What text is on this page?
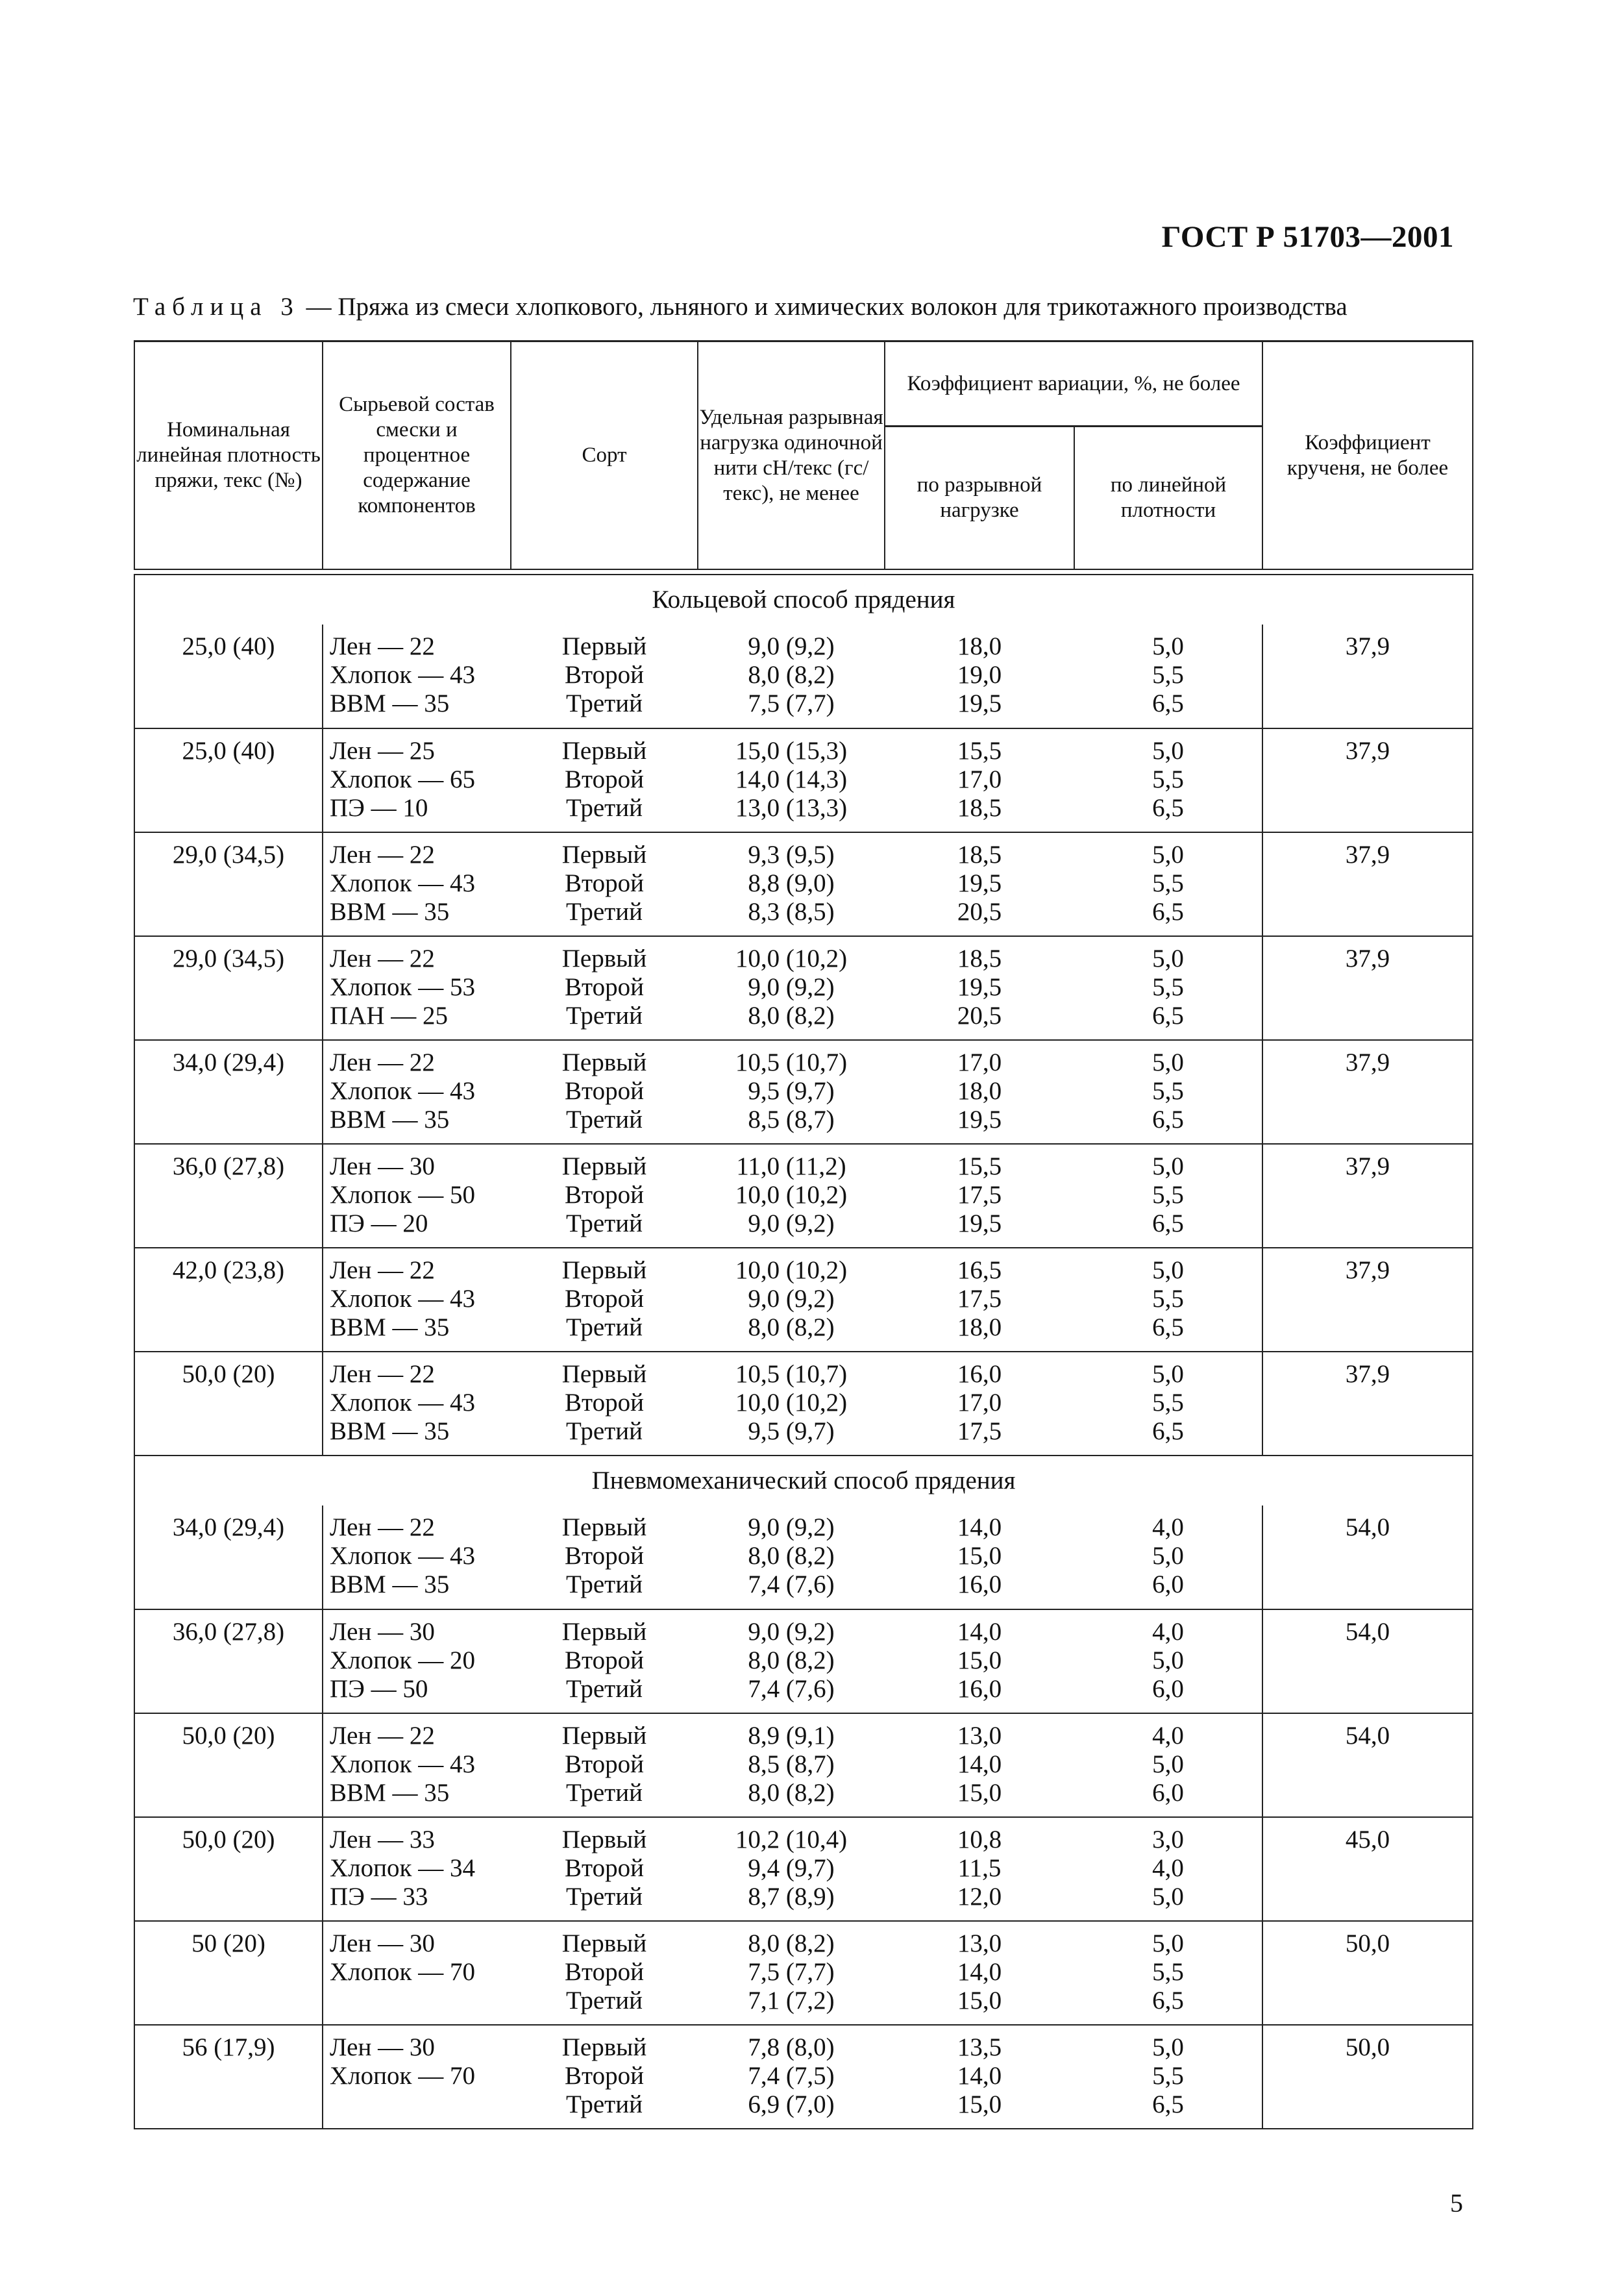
ГОСТ Р 51703—2001
Таблица 3 — Пряжа из смеси хлопкового, льняного и химических волокон для трикотажного производства
Номинальная линейная плотность пряжи, текс (№)	Сырьевой состав смески и процентное содержание компонентов	Сорт	Удельная разрывная нагрузка одиночной нити сН/текс (гс/текс), не менее	Коэффициент вариации, %, не более		Коэффициент крученя, не более
				по разрывной нагрузке	по линейной плотности	

Кольцевой способ прядения						
25,0 (40)	Лен — 22
Хлопок — 43
ВВМ — 35	Первый
Второй
Третий	9,0 (9,2)
8,0 (8,2)
7,5 (7,7)	18,0
19,0
19,5	5,0
5,5
6,5	37,9
25,0 (40)	Лен — 25
Хлопок — 65
ПЭ — 10	Первый
Второй
Третий	15,0 (15,3)
14,0 (14,3)
13,0 (13,3)	15,5
17,0
18,5	5,0
5,5
6,5	37,9
29,0 (34,5)	Лен — 22
Хлопок — 43
ВВМ — 35	Первый
Второй
Третий	9,3 (9,5)
8,8 (9,0)
8,3 (8,5)	18,5
19,5
20,5	5,0
5,5
6,5	37,9
29,0 (34,5)	Лен — 22
Хлопок — 53
ПАН — 25	Первый
Второй
Третий	10,0 (10,2)
9,0 (9,2)
8,0 (8,2)	18,5
19,5
20,5	5,0
5,5
6,5	37,9
34,0 (29,4)	Лен — 22
Хлопок — 43
ВВМ — 35	Первый
Второй
Третий	10,5 (10,7)
9,5 (9,7)
8,5 (8,7)	17,0
18,0
19,5	5,0
5,5
6,5	37,9
36,0 (27,8)	Лен — 30
Хлопок — 50
ПЭ — 20	Первый
Второй
Третий	11,0 (11,2)
10,0 (10,2)
9,0 (9,2)	15,5
17,5
19,5	5,0
5,5
6,5	37,9
42,0 (23,8)	Лен — 22
Хлопок — 43
ВВМ — 35	Первый
Второй
Третий	10,0 (10,2)
9,0 (9,2)
8,0 (8,2)	16,5
17,5
18,0	5,0
5,5
6,5	37,9
50,0 (20)	Лен — 22
Хлопок — 43
ВВМ — 35	Первый
Второй
Третий	10,5 (10,7)
10,0 (10,2)
9,5 (9,7)	16,0
17,0
17,5	5,0
5,5
6,5	37,9
Пневмомеханический способ прядения						
34,0 (29,4)	Лен — 22
Хлопок — 43
ВВМ — 35	Первый
Второй
Третий	9,0 (9,2)
8,0 (8,2)
7,4 (7,6)	14,0
15,0
16,0	4,0
5,0
6,0	54,0
36,0 (27,8)	Лен — 30
Хлопок — 20
ПЭ — 50	Первый
Второй
Третий	9,0 (9,2)
8,0 (8,2)
7,4 (7,6)	14,0
15,0
16,0	4,0
5,0
6,0	54,0
50,0 (20)	Лен — 22
Хлопок — 43
ВВМ — 35	Первый
Второй
Третий	8,9 (9,1)
8,5 (8,7)
8,0 (8,2)	13,0
14,0
15,0	4,0
5,0
6,0	54,0
50,0 (20)	Лен — 33
Хлопок — 34
ПЭ — 33	Первый
Второй
Третий	10,2 (10,4)
9,4 (9,7)
8,7 (8,9)	10,8
11,5
12,0	3,0
4,0
5,0	45,0
50 (20)	Лен — 30
Хлопок — 70	Первый
Второй
Третий	8,0 (8,2)
7,5 (7,7)
7,1 (7,2)	13,0
14,0
15,0	5,0
5,5
6,5	50,0
56 (17,9)	Лен — 30
Хлопок — 70	Первый
Второй
Третий	7,8 (8,0)
7,4 (7,5)
6,9 (7,0)	13,5
14,0
15,0	5,0
5,5
6,5	50,0
5
